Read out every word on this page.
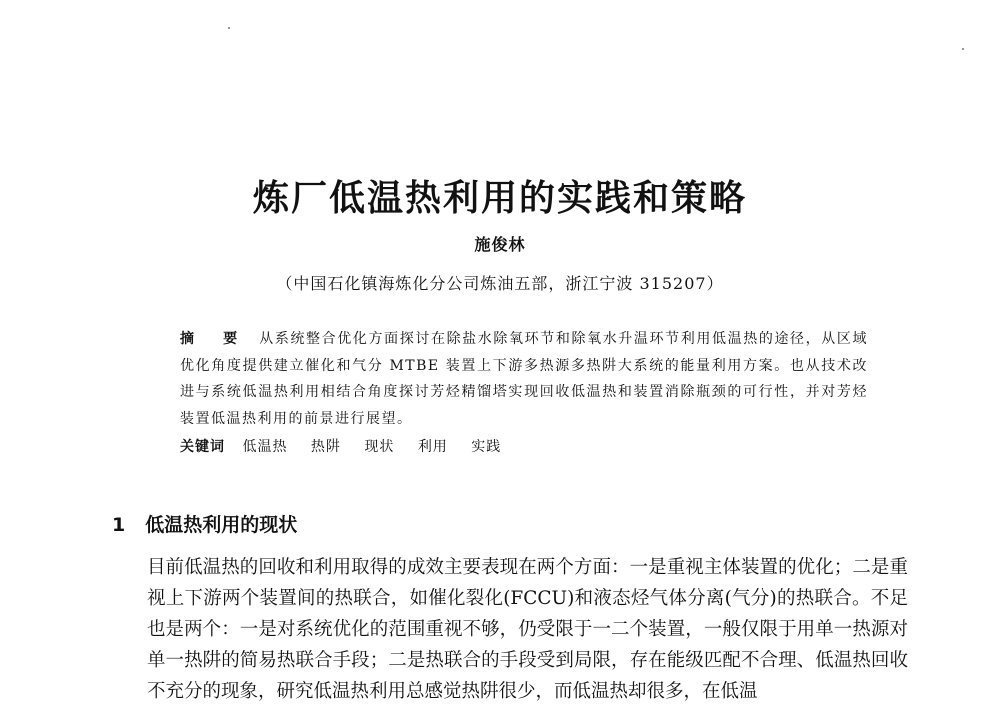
炼厂低温热利用的实践和策略
施俊林
（中国石化镇海炼化分公司炼油五部，浙江宁波 315207）
摘 要 从系统整合优化方面探讨在除盐水除氧环节和除氧水升温环节利用低温热的途径，从区域优化角度提供建立催化和气分 MTBE 装置上下游多热源多热阱大系统的能量利用方案。也从技术改进与系统低温热利用相结合角度探讨芳烃精馏塔实现回收低温热和装置消除瓶颈的可行性，并对芳烃装置低温热利用的前景进行展望。
关键词 低温热 热阱 现状 利用 实践
1 低温热利用的现状
目前低温热的回收和利用取得的成效主要表现在两个方面：一是重视主体装置的优化；二是重视上下游两个装置间的热联合，如催化裂化(FCCU)和液态烃气体分离(气分)的热联合。不足也是两个：一是对系统优化的范围重视不够，仍受限于一二个装置，一般仅限于用单一热源对单一热阱的简易热联合手段；二是热联合的手段受到局限，存在能级匹配不合理、低温热回收不充分的现象，研究低温热利用总感觉热阱很少，而低温热却很多，在低温
